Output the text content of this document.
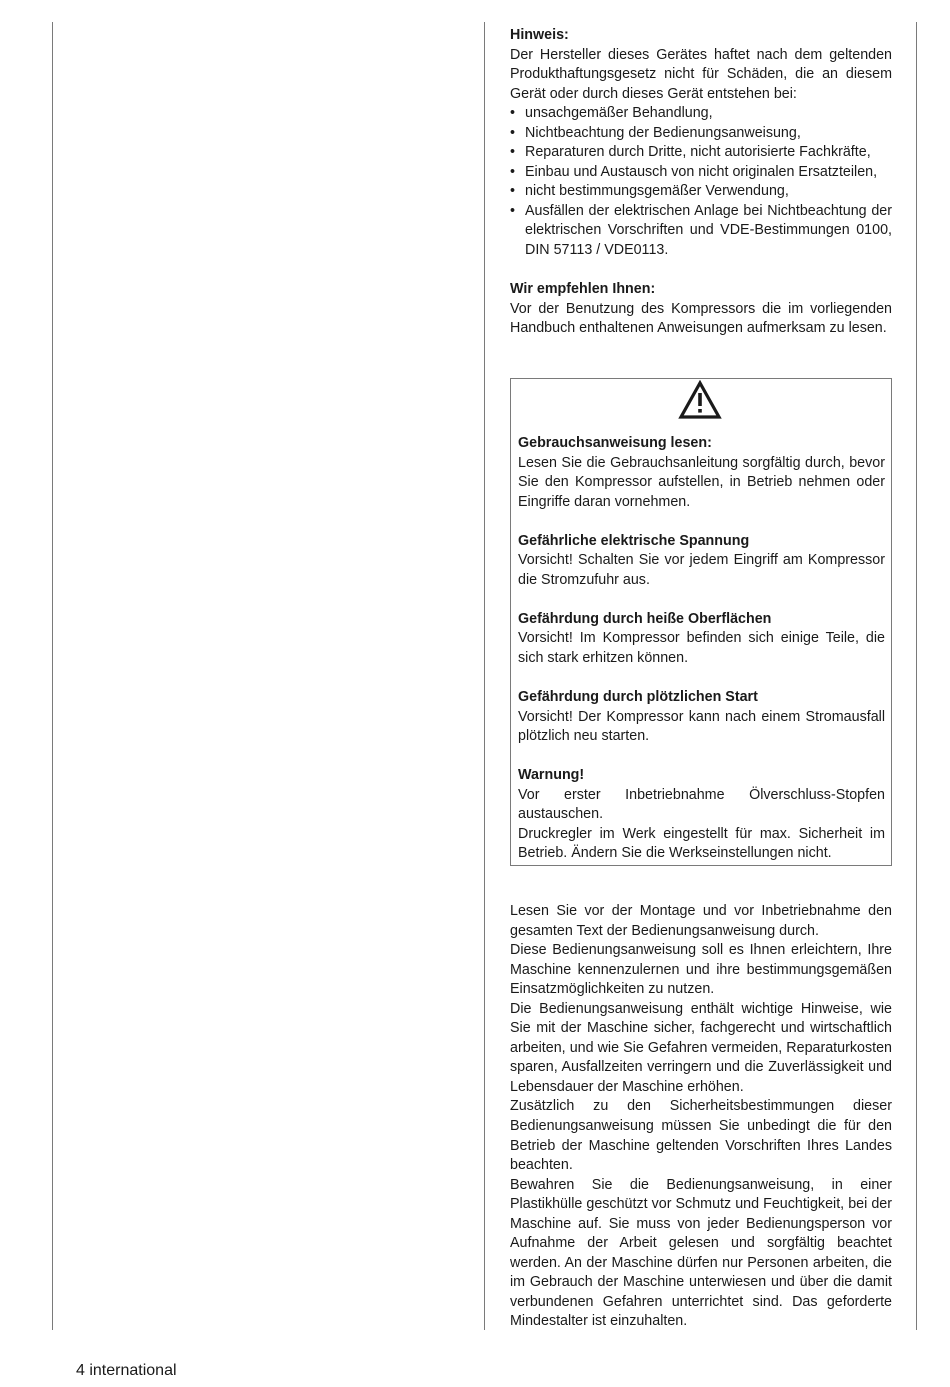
Hinweis:

Der Hersteller dieses Gerätes haftet nach dem geltenden Produkthaftungsgesetz nicht für Schäden, die an diesem Gerät oder durch dieses Gerät entstehen bei:

• unsachgemäßer Behandlung,
• Nichtbeachtung der Bedienungsanweisung,
• Reparaturen durch Dritte, nicht autorisierte Fachkräfte,
• Einbau und Austausch von nicht originalen Ersatzteilen,
• nicht bestimmungsgemäßer Verwendung,
• Ausfällen der elektrischen Anlage bei Nichtbeachtung der elektrischen Vorschriften und VDE-Bestimmungen 0100, DIN 57113 / VDE0113.
Wir empfehlen Ihnen:

Vor der Benutzung des Kompressors die im vorliegenden Handbuch enthaltenen Anweisungen aufmerksam zu lesen.

Gebrauchsanweisung lesen:

Lesen Sie die Gebrauchsanleitung sorgfältig durch, bevor Sie den Kompressor aufstellen, in Betrieb nehmen oder Eingriffe daran vornehmen.

Gefährliche elektrische Spannung

Vorsicht! Schalten Sie vor jedem Eingriff am Kompressor die Stromzufuhr aus.

Gefährdung durch heiße Oberflächen

Vorsicht! Im Kompressor befinden sich einige Teile, die sich stark erhitzen können.

Gefährdung durch plötzlichen Start

Vorsicht! Der Kompressor kann nach einem Stromausfall plötzlich neu starten.

Warnung!

Vor erster Inbetriebnahme Ölverschluss-Stopfen austauschen.

Druckregler im Werk eingestellt für max. Sicherheit im Betrieb. Ändern Sie die Werkseinstellungen nicht.

Lesen Sie vor der Montage und vor Inbetriebnahme den gesamten Text der Bedienungsanweisung durch.

Diese Bedienungsanweisung soll es Ihnen erleichtern, Ihre Maschine kennenzulernen und ihre bestimmungsgemäßen Einsatzmöglichkeiten zu nutzen.

Die Bedienungsanweisung enthält wichtige Hinweise, wie Sie mit der Maschine sicher, fachgerecht und wirtschaftlich arbeiten, und wie Sie Gefahren vermeiden, Reparaturkosten sparen, Ausfallzeiten verringern und die Zuverlässigkeit und Lebensdauer der Maschine erhöhen.

Zusätzlich zu den Sicherheitsbestimmungen dieser Bedienungsanweisung müssen Sie unbedingt die für den Betrieb der Maschine geltenden Vorschriften Ihres Landes beachten.

Bewahren Sie die Bedienungsanweisung, in einer Plastikhülle geschützt vor Schmutz und Feuchtigkeit, bei der Maschine auf. Sie muss von jeder Bedienungsperson vor Aufnahme der Arbeit gelesen und sorgfältig beachtet werden. An der Maschine dürfen nur Personen arbeiten, die im Gebrauch der Maschine unterwiesen und über die damit verbundenen Gefahren unterrichtet sind. Das geforderte Mindestalter ist einzuhalten.

4 international
